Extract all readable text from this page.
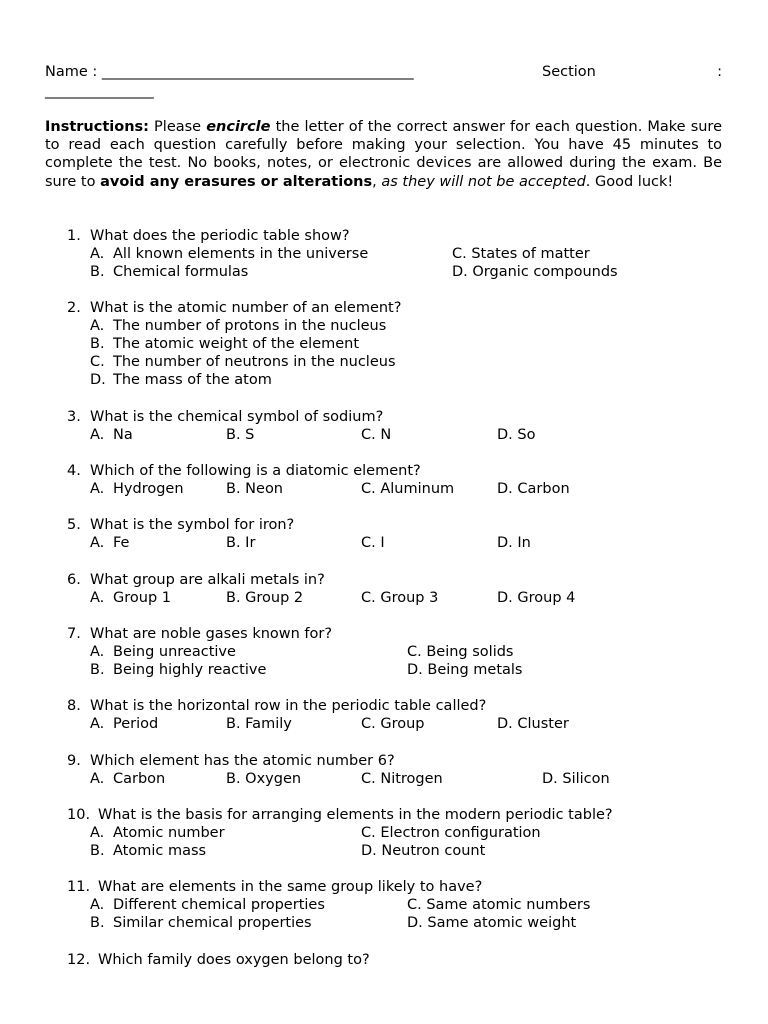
Name : ___________________________________________	Section	:
_______________

Instructions: Please encircle the letter of the correct answer for each question. Make sure to read each question carefully before making your selection. You have 45 minutes to complete the test. No books, notes, or electronic devices are allowed during the exam. Be sure to avoid any erasures or alterations, as they will not be accepted. Good luck!

1. What does the periodic table show?
A. All known elements in the universe
B. Chemical formulas
C. States of matter
D. Organic compounds
2. What is the atomic number of an element?
A. The number of protons in the nucleus
B. The atomic weight of the element
C. The number of neutrons in the nucleus
D. The mass of the atom
3. What is the chemical symbol of sodium?
A. Na	B. S	C. N	D. So
4. Which of the following is a diatomic element?
A. Hydrogen	B. Neon	C. Aluminum	D. Carbon
5. What is the symbol for iron?
A. Fe	B. Ir	C. I	D. In
6. What group are alkali metals in?
A. Group 1	B. Group 2	C. Group 3	D. Group 4
7. What are noble gases known for?
A. Being unreactive
B. Being highly reactive
C. Being solids
D. Being metals
8. What is the horizontal row in the periodic table called?
A. Period	B. Family	C. Group	D. Cluster
9. Which element has the atomic number 6?
A. Carbon	B. Oxygen	C. Nitrogen	D. Silicon
10. What is the basis for arranging elements in the modern periodic table?
A. Atomic number
B. Atomic mass
C. Electron configuration
D. Neutron count
11. What are elements in the same group likely to have?
A. Different chemical properties
B. Similar chemical properties
C. Same atomic numbers
D. Same atomic weight
12. Which family does oxygen belong to?
